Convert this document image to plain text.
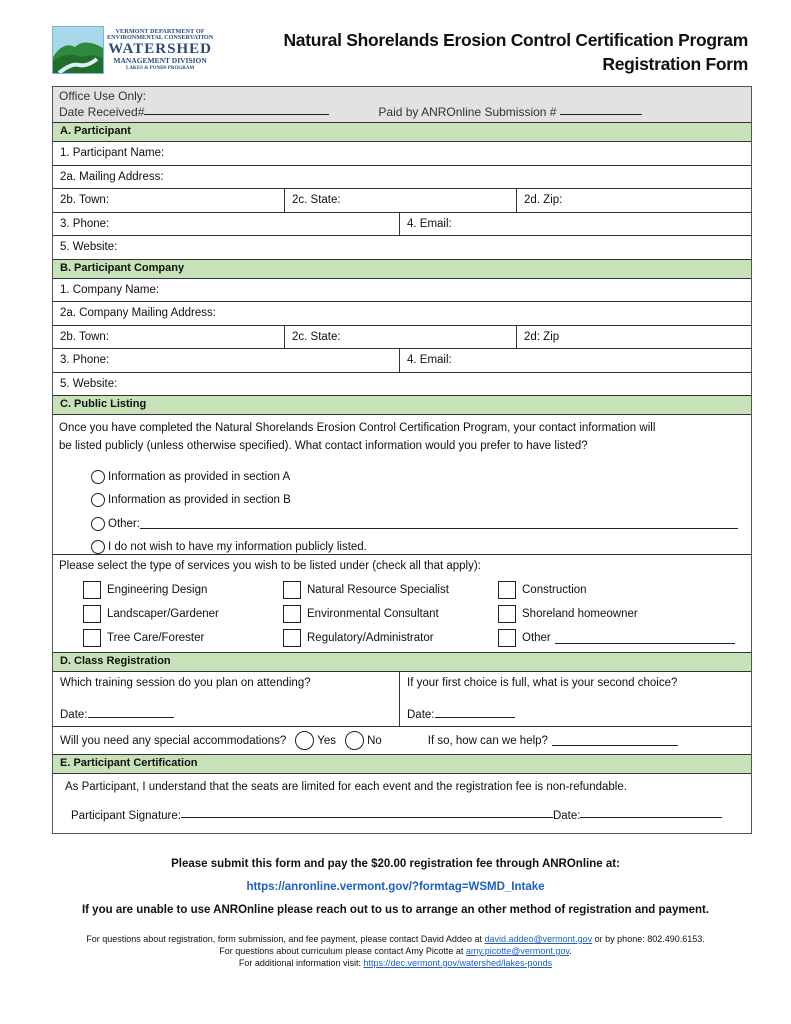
VERMONT DEPARTMENT OF
ENVIRONMENTAL CONSERVATION
WATERSHED
MANAGEMENT DIVISION
LAKES & PONDS PROGRAM
Natural Shorelands Erosion Control Certification Program
Registration Form
Office Use Only:
Date Received#	Paid by ANROnline Submission #
A. Participant
1. Participant Name:
2a. Mailing Address:
2b. Town:	2c. State:	2d. Zip:
3. Phone:	4. Email:
5. Website:
B. Participant Company
1. Company Name:
2a. Company Mailing Address:
2b. Town:	2c. State:	2d: Zip
3. Phone:	4. Email:
5. Website:
C. Public Listing
Once you have completed the Natural Shorelands Erosion Control Certification Program, your contact information will
be listed publicly (unless otherwise specified). What contact information would you prefer to have listed?
Information as provided in section A
Information as provided in section B
Other:
I do not wish to have my information publicly listed.
Please select the type of services you wish to be listed under (check all that apply):
Engineering Design	Natural Resource Specialist	Construction
Landscaper/Gardener	Environmental Consultant	Shoreland homeowner
Tree Care/Forester	Regulatory/Administrator	Other
D. Class Registration
Which training session do you plan on attending?
Date:
If your first choice is full, what is your second choice?
Date:
Will you need any special accommodations?	Yes	No	If so, how can we help?
E. Participant Certification
As Participant, I understand that the seats are limited for each event and the registration fee is non-refundable.
Participant Signature:	Date:
Please submit this form and pay the $20.00 registration fee through ANROnline at:
https://anronline.vermont.gov/?formtag=WSMD_Intake
If you are unable to use ANROnline please reach out to us to arrange an other method of registration and payment.
For questions about registration, form submission, and fee payment, please contact David Addeo at david.addeo@vermont.gov or by phone: 802.490.6153.
For questions about curriculum please contact Amy Picotte at amy.picotte@vermont.gov.
For additional information visit: https://dec.vermont.gov/watershed/lakes-ponds
